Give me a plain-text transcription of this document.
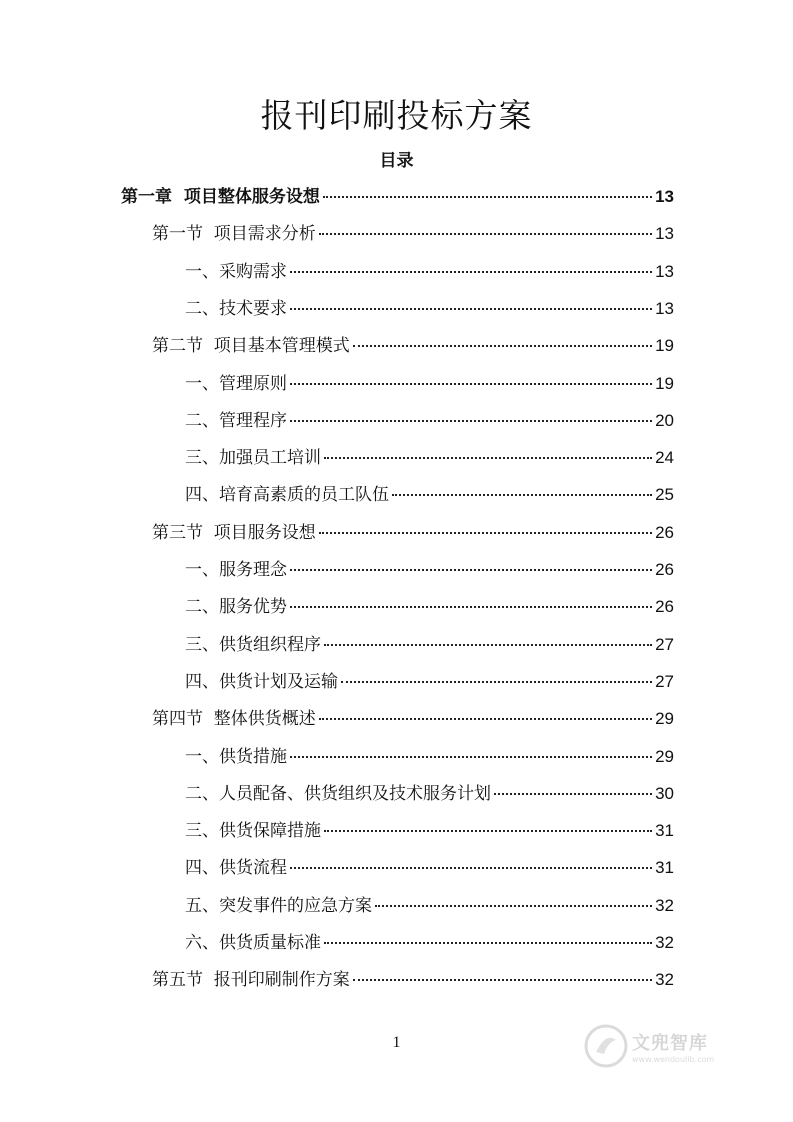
报刊印刷投标方案
目录
第一章  项目整体服务设想	13
第一节  项目需求分析	13
一、采购需求	13
二、技术要求	13
第二节  项目基本管理模式	19
一、管理原则	19
二、管理程序	20
三、加强员工培训	24
四、培育高素质的员工队伍	25
第三节  项目服务设想	26
一、服务理念	26
二、服务优势	26
三、供货组织程序	27
四、供货计划及运输	27
第四节  整体供货概述	29
一、供货措施	29
二、人员配备、供货组织及技术服务计划	30
三、供货保障措施	31
四、供货流程	31
五、突发事件的应急方案	32
六、供货质量标准	32
第五节  报刊印刷制作方案	32
1	文兜智库
www.wendoulib.com
